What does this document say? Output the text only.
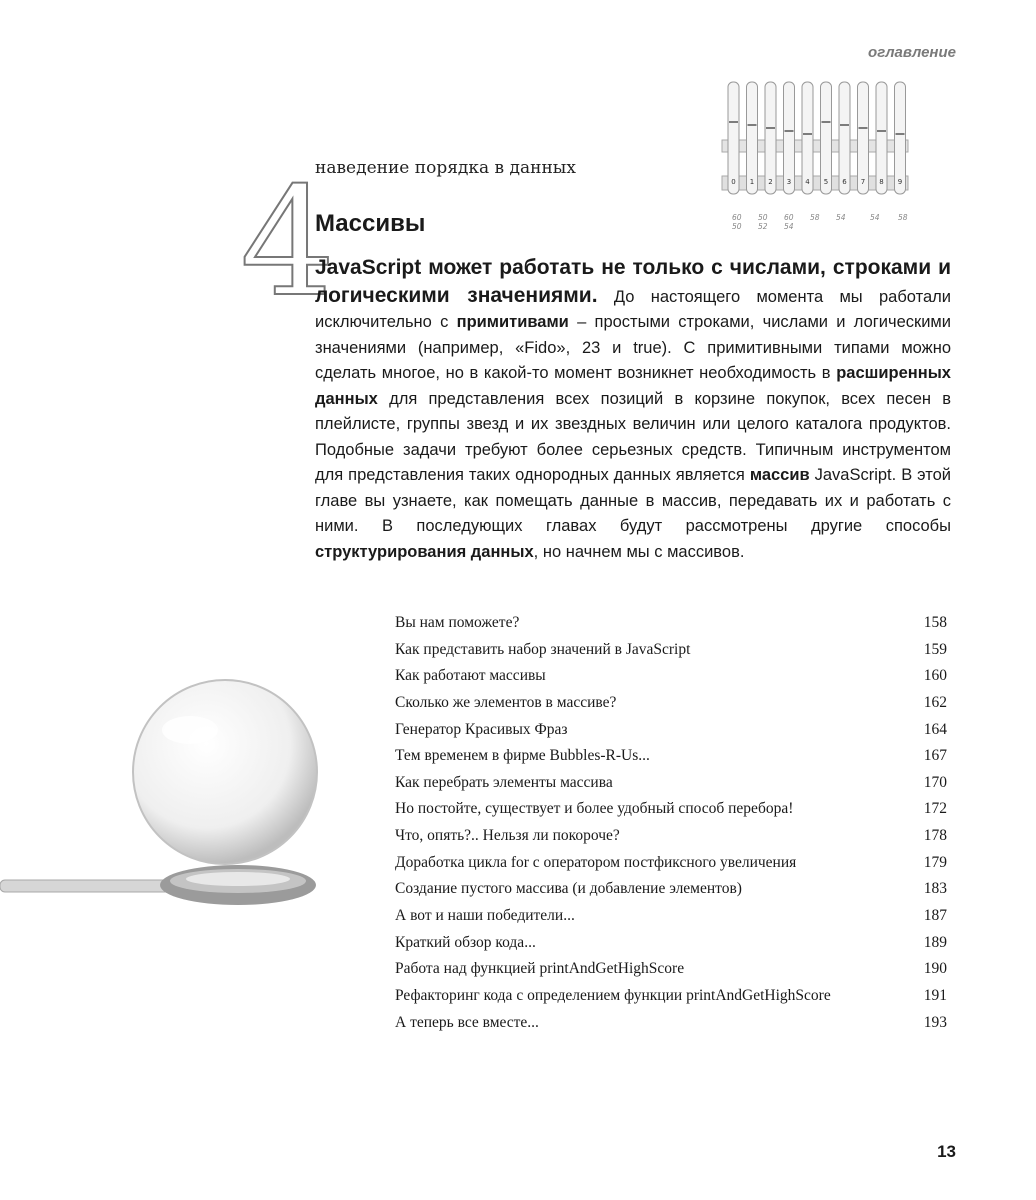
оглавление
0 1 2 3 4 5 6 7 8 9
60 50 60 58 54	54 58
50 52 54
4
наведение порядка в данных
Массивы
JavaScript может работать не только с числами, строками и логическими значениями. До настоящего момента мы работали исключительно с примитивами – простыми строками, числами и логическими значениями (например, «Fido», 23 и true). С примитивными типами можно сделать многое, но в какой-то момент возникнет необходимость в расширенных данных для представления всех позиций в корзине покупок, всех песен в плейлисте, группы звезд и их звездных величин или целого каталога продуктов. Подобные задачи требуют более серьезных средств. Типичным инструментом для представления таких однородных данных является массив JavaScript. В этой главе вы узнаете, как помещать данные в массив, передавать их и работать с ними. В последующих главах будут рассмотрены другие способы структурирования данных, но начнем мы с массивов.
Вы нам поможете?	158
Как представить набор значений в JavaScript	159
Как работают массивы	160
Сколько же элементов в массиве?	162
Генератор Красивых Фраз	164
Тем временем в фирме Bubbles-R-Us...	167
Как перебрать элементы массива	170
Но постойте, существует и более удобный способ перебора!	172
Что, опять?.. Нельзя ли покороче?	178
Доработка цикла for с оператором постфиксного увеличения	179
Создание пустого массива (и добавление элементов)	183
А вот и наши победители...	187
Краткий обзор кода...	189
Работа над функцией printAndGetHighScore	190
Рефакторинг кода с определением функции printAndGetHighScore	191
А теперь все вместе...	193
13
